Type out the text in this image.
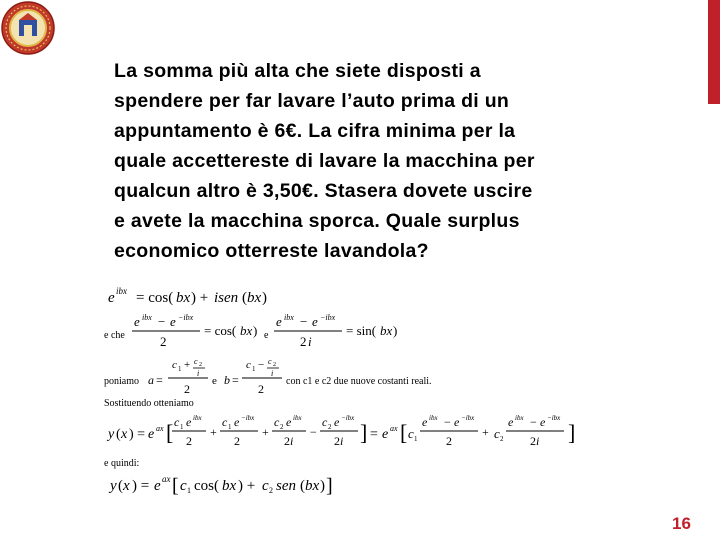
La somma più alta che siete disposti a
spendere per far lavare l’auto prima di un
appuntamento è 6€. La cifra minima per la
quale accettereste di lavare la macchina per
qualcun altro è 3,50€. Stasera dovete uscire
e avete la macchina sporca. Quale surplus
economico otterreste lavandola?
e ibx = cos( bx ) + isen ( bx )
e che
e ibx − e −ibx
2
= cos( bx ) e
e ibx − e −ibx
2 i
= sin( bx )
poniamo a =
c 1 + c 2
i
2
e b =
c 1 − c 2
i
2
con c1 e c2 due nuove costanti reali.
Sostituendo otteniamo
y ( x ) = e ax [ c 1 e ibx
2
+
c 1 e −ibx
2
+
c 2 e ibx
2 i
−
c 2 e −ibx
2 i ] = e ax [ c 1
e ibx − e −ibx
2
+ c 2
e ibx − e −ibx
2 i ]
e quindi:
y ( x ) = e ax [ c 1 cos( bx ) + c 2 sen ( bx ) ]
16
